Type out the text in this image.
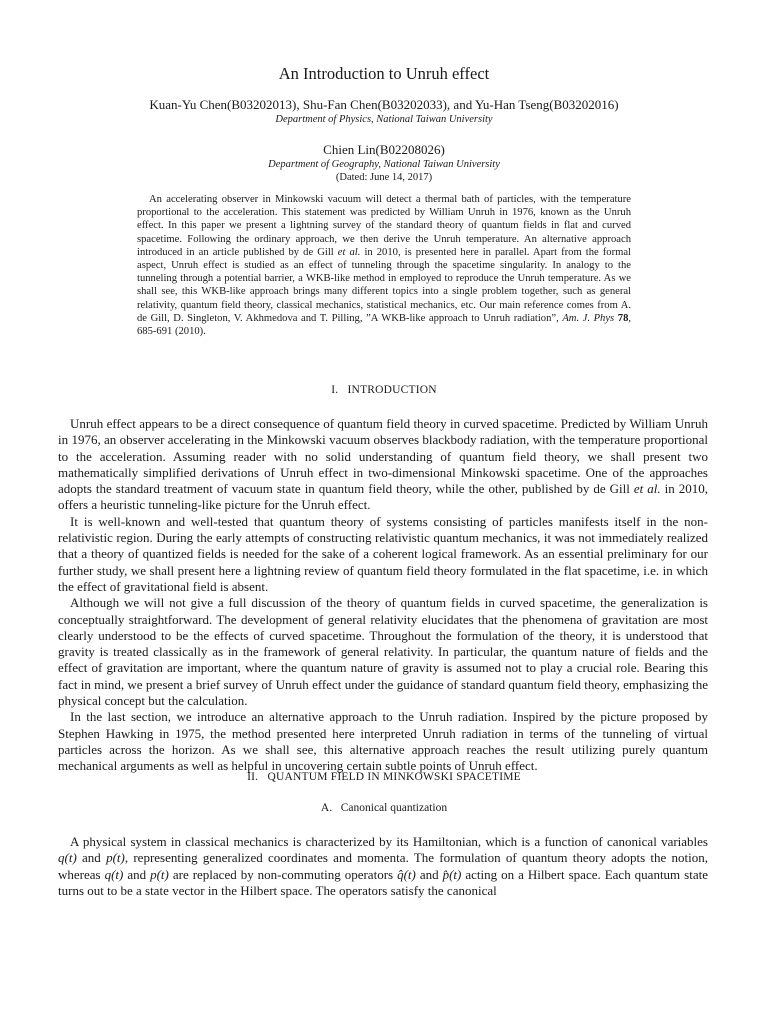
An Introduction to Unruh effect
Kuan-Yu Chen(B03202013), Shu-Fan Chen(B03202033), and Yu-Han Tseng(B03202016)
Department of Physics, National Taiwan University
Chien Lin(B02208026)
Department of Geography, National Taiwan University
(Dated: June 14, 2017)

An accelerating observer in Minkowski vacuum will detect a thermal bath of particles, with the temperature proportional to the acceleration. This statement was predicted by William Unruh in 1976, known as the Unruh effect. In this paper we present a lightning survey of the standard theory of quantum fields in flat and curved spacetime. Following the ordinary approach, we then derive the Unruh temperature. An alternative approach introduced in an article published by de Gill et al. in 2010, is presented here in parallel. Apart from the formal aspect, Unruh effect is studied as an effect of tunneling through the spacetime singularity. In analogy to the tunneling through a potential barrier, a WKB-like method in employed to reproduce the Unruh temperature. As we shall see, this WKB-like approach brings many different topics into a single problem together, such as general relativity, quantum field theory, classical mechanics, statistical mechanics, etc. Our main reference comes from A. de Gill, D. Singleton, V. Akhmedova and T. Pilling, ”A WKB-like approach to Unruh radiation”, Am. J. Phys 78, 685-691 (2010).

I. INTRODUCTION

Unruh effect appears to be a direct consequence of quantum field theory in curved spacetime. Predicted by William Unruh in 1976, an observer accelerating in the Minkowski vacuum observes blackbody radiation, with the temperature proportional to the acceleration. Assuming reader with no solid understanding of quantum field theory, we shall present two mathematically simplified derivations of Unruh effect in two-dimensional Minkowski spacetime. One of the approaches adopts the standard treatment of vacuum state in quantum field theory, while the other, published by de Gill et al. in 2010, offers a heuristic tunneling-like picture for the Unruh effect.

It is well-known and well-tested that quantum theory of systems consisting of particles manifests itself in the non-relativistic region. During the early attempts of constructing relativistic quantum mechanics, it was not immediately realized that a theory of quantized fields is needed for the sake of a coherent logical framework. As an essential preliminary for our further study, we shall present here a lightning review of quantum field theory formulated in the flat spacetime, i.e. in which the effect of gravitational field is absent.

Although we will not give a full discussion of the theory of quantum fields in curved spacetime, the generalization is conceptually straightforward. The development of general relativity elucidates that the phenomena of gravitation are most clearly understood to be the effects of curved spacetime. Throughout the formulation of the theory, it is understood that gravity is treated classically as in the framework of general relativity. In particular, the quantum nature of fields and the effect of gravitation are important, where the quantum nature of gravity is assumed not to play a crucial role. Bearing this fact in mind, we present a brief survey of Unruh effect under the guidance of standard quantum field theory, emphasizing the physical concept but the calculation.

In the last section, we introduce an alternative approach to the Unruh radiation. Inspired by the picture proposed by Stephen Hawking in 1975, the method presented here interpreted Unruh radiation in terms of the tunneling of virtual particles across the horizon. As we shall see, this alternative approach reaches the result utilizing purely quantum mechanical arguments as well as helpful in uncovering certain subtle points of Unruh effect.

II. QUANTUM FIELD IN MINKOWSKI SPACETIME
A. Canonical quantization

A physical system in classical mechanics is characterized by its Hamiltonian, which is a function of canonical variables q(t) and p(t), representing generalized coordinates and momenta. The formulation of quantum theory adopts the notion, whereas q(t) and p(t) are replaced by non-commuting operators q̂(t) and p̂(t) acting on a Hilbert space. Each quantum state turns out to be a state vector in the Hilbert space. The operators satisfy the canonical
